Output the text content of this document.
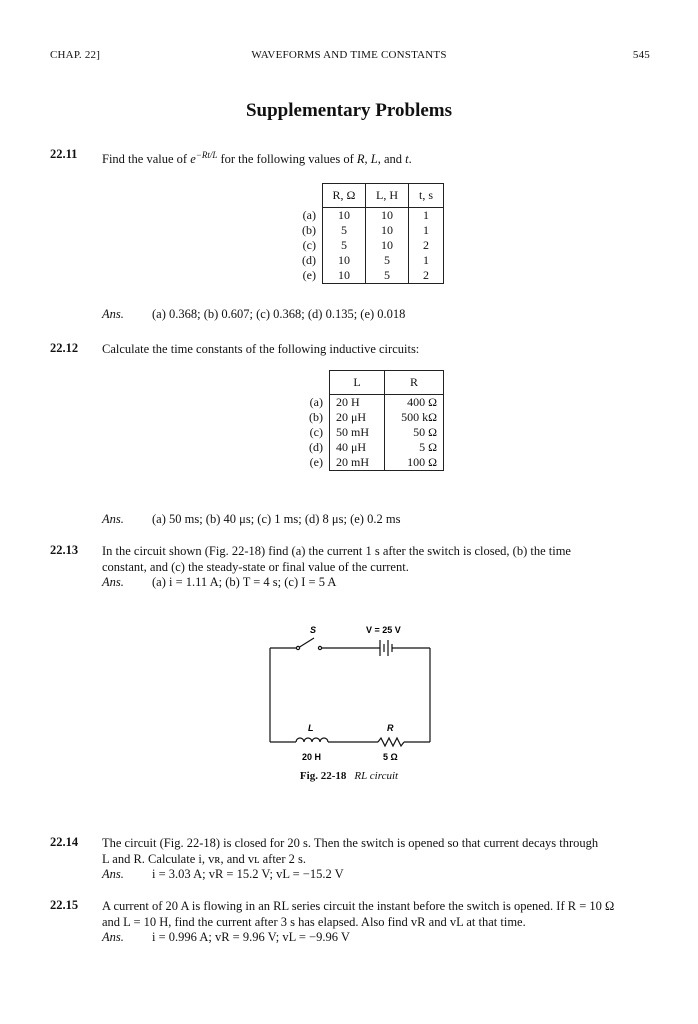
CHAP. 22]	WAVEFORMS AND TIME CONSTANTS	545
Supplementary Problems
22.11 Find the value of $e^{-Rt/L}$ for the following values of R, L, and t.
	R, Ω	L, H	t, s
(a)	10	10	1
(b)	5	10	1
(c)	5	10	2
(d)	10	5	1
(e)	10	5	2
Ans. (a) 0.368; (b) 0.607; (c) 0.368; (d) 0.135; (e) 0.018
22.12 Calculate the time constants of the following inductive circuits:
	L	R
(a)	20 H	400 Ω
(b)	20 μH	500 kΩ
(c)	50 mH	50 Ω
(d)	40 μH	5 Ω
(e)	20 mH	100 Ω
Ans. (a) 50 ms; (b) 40 μs; (c) 1 ms; (d) 8 μs; (e) 0.2 ms
22.13 In the circuit shown (Fig. 22-18) find (a) the current 1 s after the switch is closed, (b) the time
constant, and (c) the steady-state or final value of the current.
Ans. (a) i = 1.11 A; (b) T = 4 s; (c) I = 5 A
S	V = 25 V
L
20 H
R
5 Ω
Fig. 22-18 RL circuit
22.14 The circuit (Fig. 22-18) is closed for 20 s. Then the switch is opened so that current decays through
L and R. Calculate i, vʀ, and vʟ after 2 s.
Ans. i = 3.03 A; vR = 15.2 V; vL = −15.2 V
22.15 A current of 20 A is flowing in an RL series circuit the instant before the switch is opened. If R = 10 Ω
and L = 10 H, find the current after 3 s has elapsed. Also find vR and vL at that time.
Ans. i = 0.996 A; vR = 9.96 V; vL = −9.96 V
